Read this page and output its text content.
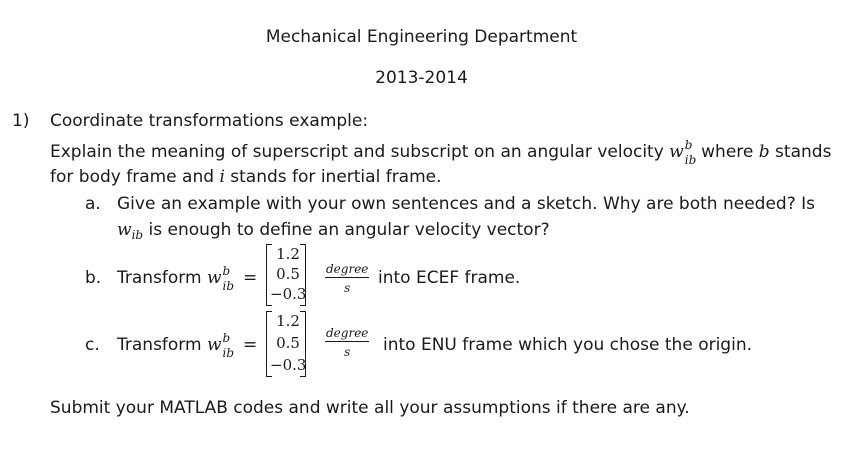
Mechanical Engineering Department
2013-2014
1) Coordinate transformations example:
Explain the meaning of superscript and subscript on an angular velocity w b
ib where b stands
for body frame and i stands for inertial frame.
a. Give an example with your own sentences and a sketch. Why are both needed? Is
$w_{ib}$ is enough to define an angular velocity vector?
b. Transform w b
ib =
1.2
0.5
−0.3
degree
s	into ECEF frame.
c. Transform w b
ib =
1.2
0.5
−0.3
degree
s	into ENU frame which you chose the origin.
Submit your MATLAB codes and write all your assumptions if there are any.
